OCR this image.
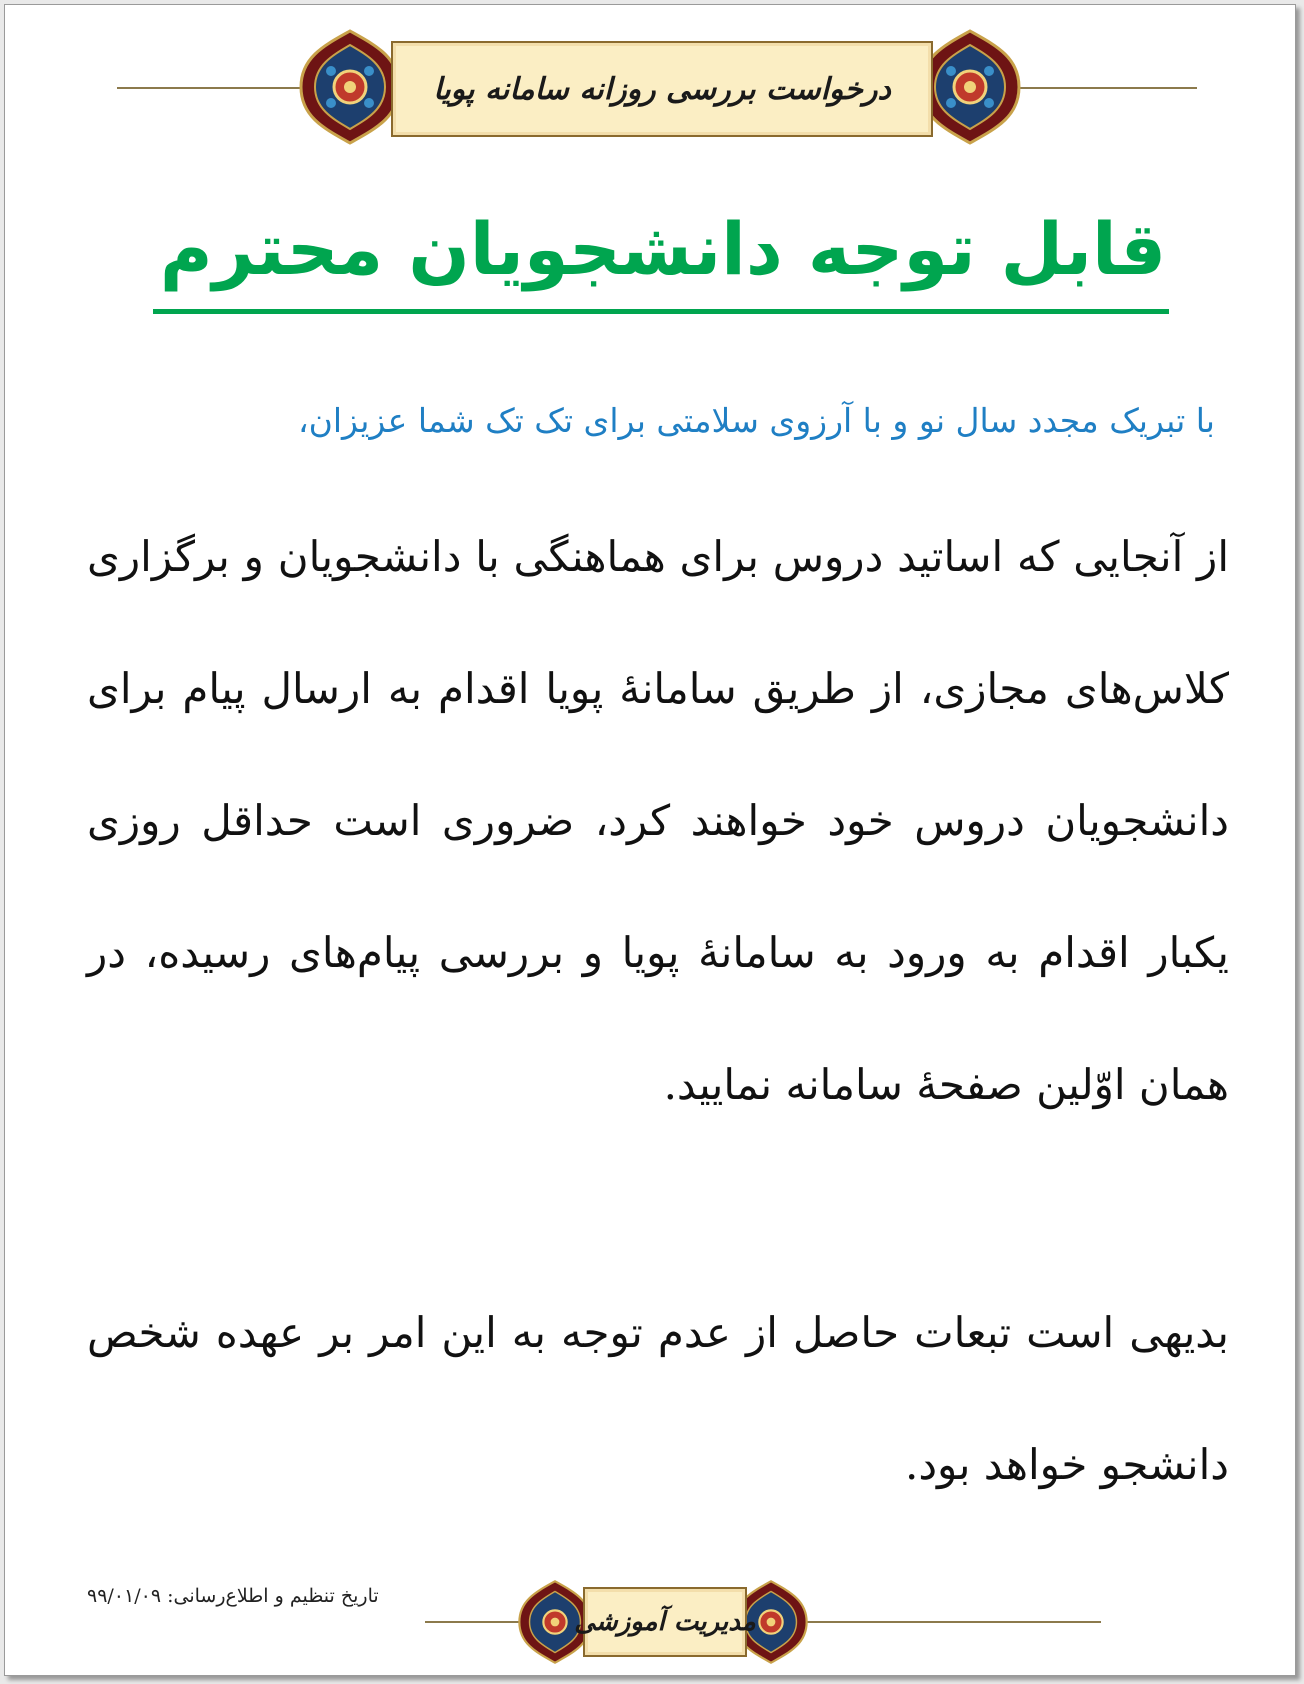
درخواست بررسی روزانه سامانه پویا
قابل توجه دانشجویان محترم
با تبریک مجدد سال نو و با آرزوی سلامتی برای تک تک شما عزیزان،
از آنجایی که اساتید دروس برای هماهنگی با دانشجویان و برگزاری کلاس‌های مجازی، از طریق سامانهٔ پویا اقدام به ارسال پیام برای دانشجویان دروس خود خواهند کرد، ضروری است حداقل روزی یکبار اقدام به ورود به سامانهٔ پویا و بررسی پیام‌های رسیده، در همان اوّلین صفحهٔ سامانه نمایید.
بدیهی است تبعات حاصل از عدم توجه به این امر بر عهده شخص دانشجو خواهد بود.
تاریخ تنظیم و اطلاع‌رسانی: ۹۹/۰۱/۰۹
مدیریت آموزشی
